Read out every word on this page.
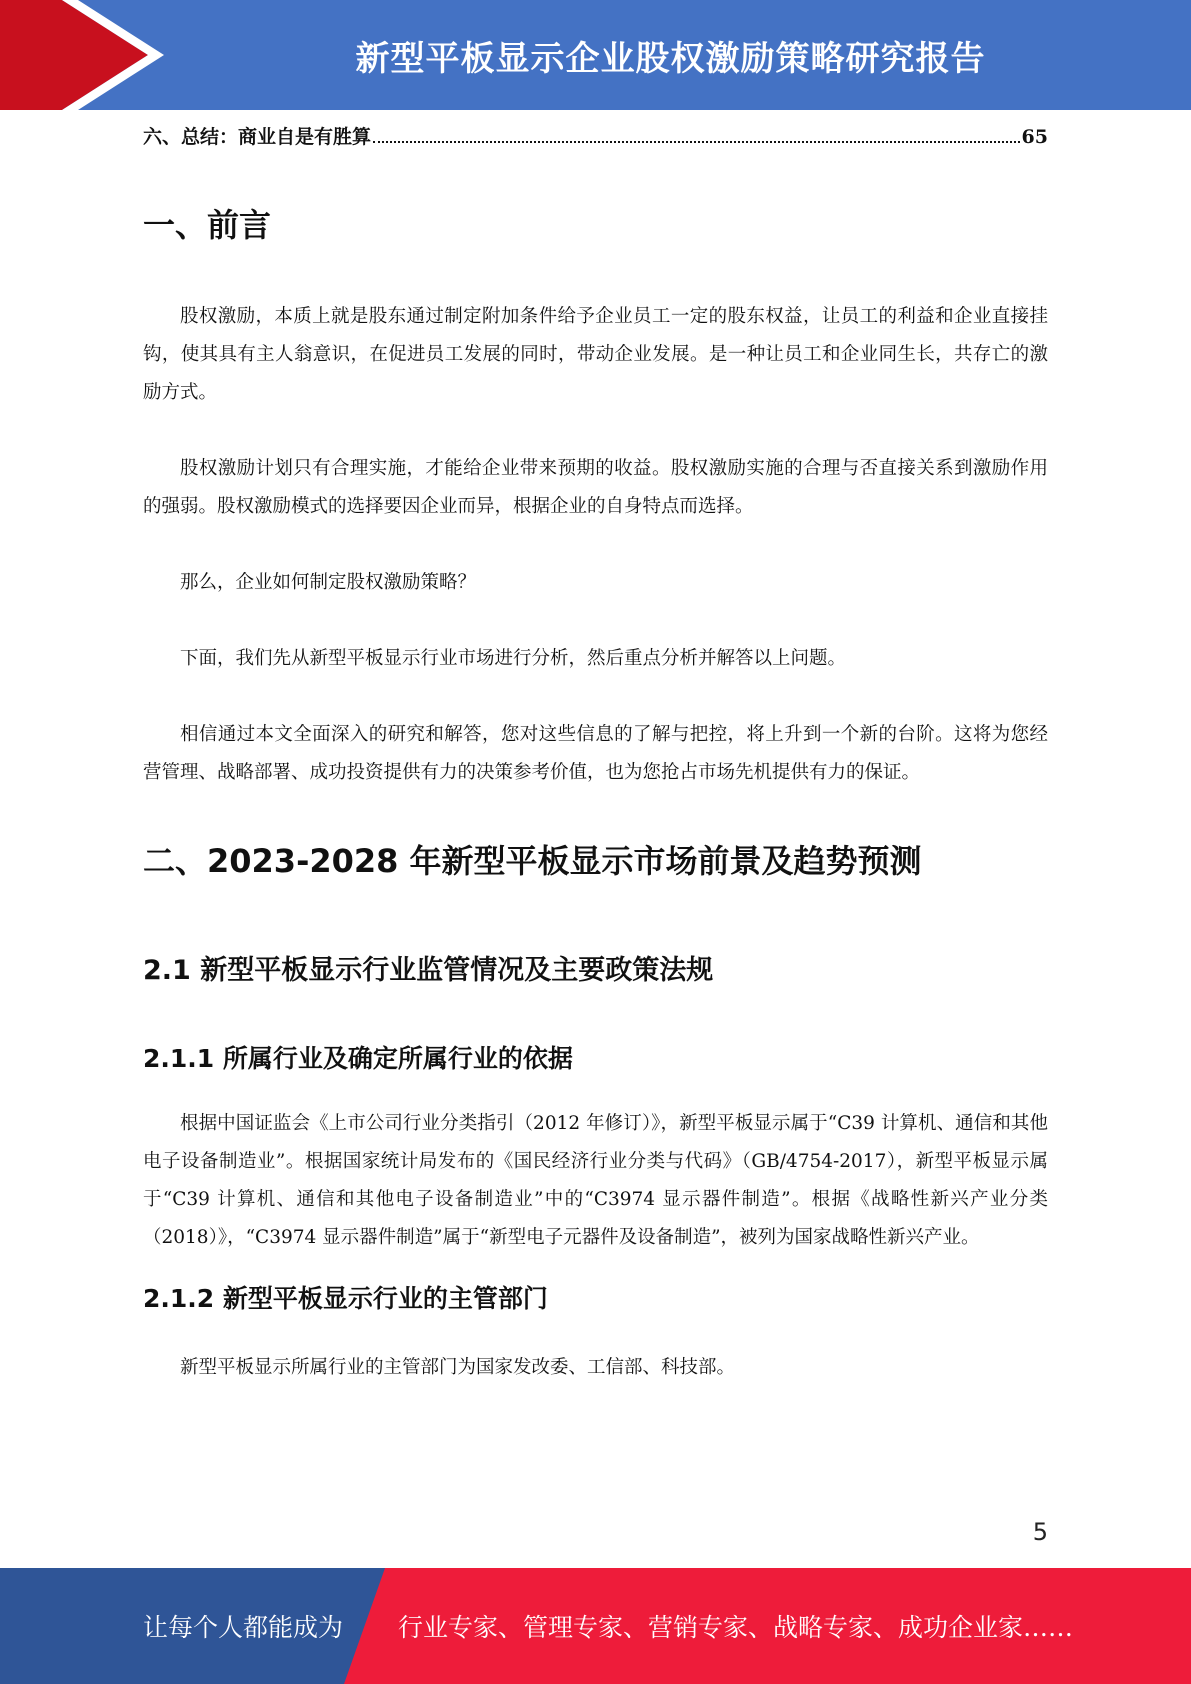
新型平板显示企业股权激励策略研究报告
六、总结：商业自是有胜算	65
一、前言

股权激励，本质上就是股东通过制定附加条件给予企业员工一定的股东权益，让员工的利益和企业直接挂钩，使其具有主人翁意识，在促进员工发展的同时，带动企业发展。是一种让员工和企业同生长，共存亡的激励方式。

股权激励计划只有合理实施，才能给企业带来预期的收益。股权激励实施的合理与否直接关系到激励作用的强弱。股权激励模式的选择要因企业而异，根据企业的自身特点而选择。

那么，企业如何制定股权激励策略？

下面，我们先从新型平板显示行业市场进行分析，然后重点分析并解答以上问题。

相信通过本文全面深入的研究和解答，您对这些信息的了解与把控，将上升到一个新的台阶。这将为您经营管理、战略部署、成功投资提供有力的决策参考价值，也为您抢占市场先机提供有力的保证。

二、2023-2028 年新型平板显示市场前景及趋势预测
2.1 新型平板显示行业监管情况及主要政策法规
2.1.1 所属行业及确定所属行业的依据

根据中国证监会《上市公司行业分类指引（2012 年修订）》，新型平板显示属于“C39 计算机、通信和其他电子设备制造业”。根据国家统计局发布的《国民经济行业分类与代码》（GB/4754-2017），新型平板显示属于“C39 计算机、通信和其他电子设备制造业”中的“C3974 显示器件制造”。根据《战略性新兴产业分类（2018）》，“C3974 显示器件制造”属于“新型电子元器件及设备制造”，被列为国家战略性新兴产业。

2.1.2 新型平板显示行业的主管部门

新型平板显示所属行业的主管部门为国家发改委、工信部、科技部。

5
让每个人都能成为 行业专家、管理专家、营销专家、战略专家、成功企业家……
